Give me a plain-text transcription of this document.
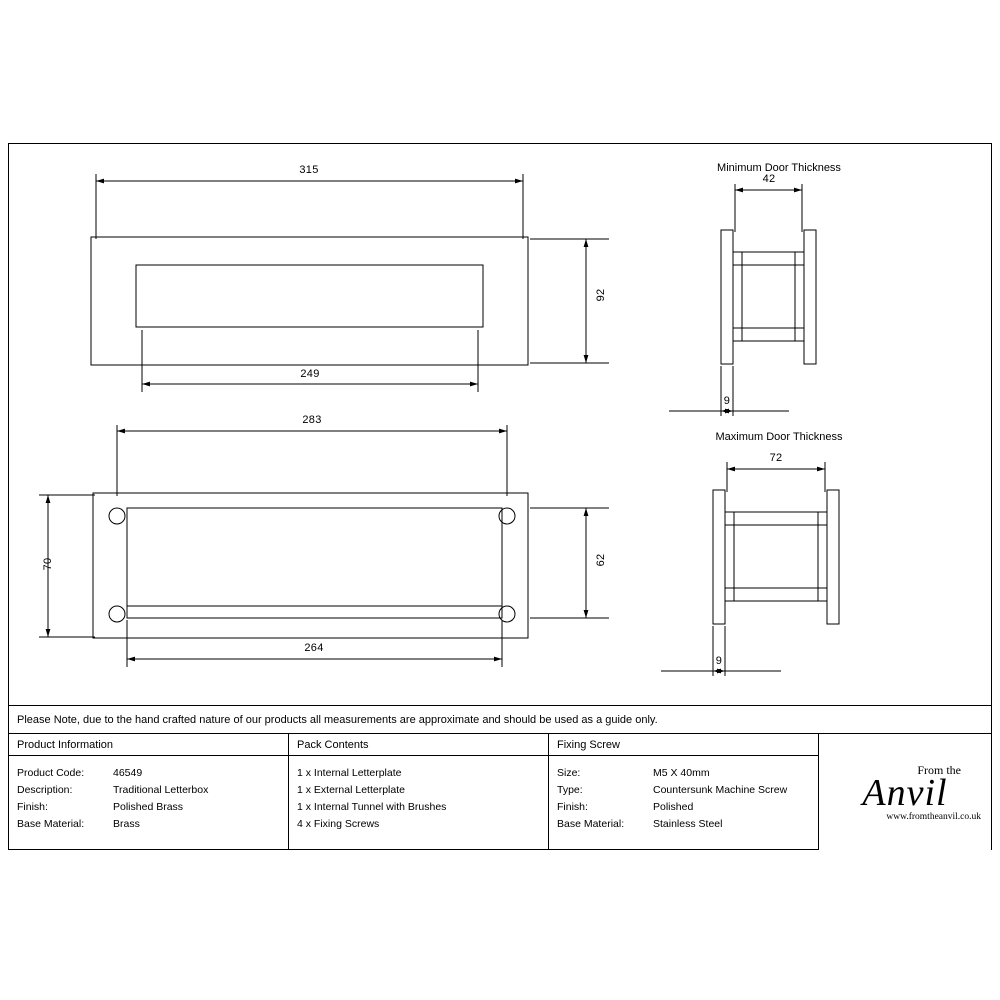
315
92
249
283
70	62
264
Minimum Door Thickness
42
9
Maximum Door Thickness
72
9
Please Note, due to the hand crafted nature of our products all measurements are approximate and should be used as a guide only.
Product Information
Product Code:	46549
Description:	Traditional Letterbox
Finish:	Polished Brass
Base Material:	Brass
Pack Contents
1 x Internal Letterplate
1 x External Letterplate
1 x Internal Tunnel with Brushes
4 x Fixing Screws
Fixing Screw
Size:	M5 X 40mm
Type:	Countersunk Machine Screw
Finish:	Polished
Base Material:	Stainless Steel
From the
Anvil
www.fromtheanvil.co.uk
